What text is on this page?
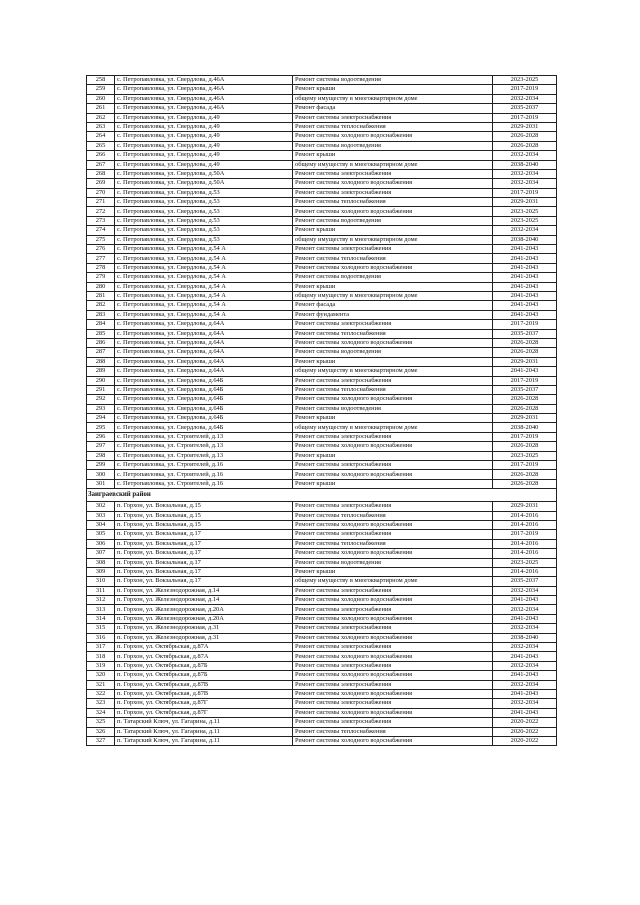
258	с. Петропавловка, ул. Свердлова, д.46А	Ремонт системы водоотведения	2023-2025
259	с. Петропавловка, ул. Свердлова, д.46А	Ремонт крыши	2017-2019
260	с. Петропавловка, ул. Свердлова, д.46А	общему имуществу в многоквартирном доме	2032-2034
261	с. Петропавловка, ул. Свердлова, д.46А	Ремонт фасада	2035-2037
262	с. Петропавловка, ул. Свердлова, д.49	Ремонт системы электроснабжения	2017-2019
263	с. Петропавловка, ул. Свердлова, д.49	Ремонт системы теплоснабжения	2029-2031
264	с. Петропавловка, ул. Свердлова, д.49	Ремонт системы холодного водоснабжения	2026-2028
265	с. Петропавловка, ул. Свердлова, д.49	Ремонт системы водоотведения	2026-2028
266	с. Петропавловка, ул. Свердлова, д.49	Ремонт крыши	2032-2034
267	с. Петропавловка, ул. Свердлова, д.49	общему имуществу в многоквартирном доме	2038-2040
268	с. Петропавловка, ул. Свердлова, д.50А	Ремонт системы электроснабжения	2032-2034
269	с. Петропавловка, ул. Свердлова, д.50А	Ремонт системы холодного водоснабжения	2032-2034
270	с. Петропавловка, ул. Свердлова, д.53	Ремонт системы электроснабжения	2017-2019
271	с. Петропавловка, ул. Свердлова, д.53	Ремонт системы теплоснабжения	2029-2031
272	с. Петропавловка, ул. Свердлова, д.53	Ремонт системы холодного водоснабжения	2023-2025
273	с. Петропавловка, ул. Свердлова, д.53	Ремонт системы водоотведения	2023-2025
274	с. Петропавловка, ул. Свердлова, д.53	Ремонт крыши	2032-2034
275	с. Петропавловка, ул. Свердлова, д.53	общему имуществу в многоквартирном доме	2038-2040
276	с. Петропавловка, ул. Свердлова, д.54 А	Ремонт системы электроснабжения	2041-2043
277	с. Петропавловка, ул. Свердлова, д.54 А	Ремонт системы теплоснабжения	2041-2043
278	с. Петропавловка, ул. Свердлова, д.54 А	Ремонт системы холодного водоснабжения	2041-2043
279	с. Петропавловка, ул. Свердлова, д.54 А	Ремонт системы водоотведения	2041-2043
280	с. Петропавловка, ул. Свердлова, д.54 А	Ремонт крыши	2041-2043
281	с. Петропавловка, ул. Свердлова, д.54 А	общему имуществу в многоквартирном доме	2041-2043
282	с. Петропавловка, ул. Свердлова, д.54 А	Ремонт фасада	2041-2043
283	с. Петропавловка, ул. Свердлова, д.54 А	Ремонт фундамента	2041-2043
284	с. Петропавловка, ул. Свердлова, д.64А	Ремонт системы электроснабжения	2017-2019
285	с. Петропавловка, ул. Свердлова, д.64А	Ремонт системы теплоснабжения	2035-2037
286	с. Петропавловка, ул. Свердлова, д.64А	Ремонт системы холодного водоснабжения	2026-2028
287	с. Петропавловка, ул. Свердлова, д.64А	Ремонт системы водоотведения	2026-2028
288	с. Петропавловка, ул. Свердлова, д.64А	Ремонт крыши	2029-2031
289	с. Петропавловка, ул. Свердлова, д.64А	общему имуществу в многоквартирном доме	2041-2043
290	с. Петропавловка, ул. Свердлова, д.64Б	Ремонт системы электроснабжения	2017-2019
291	с. Петропавловка, ул. Свердлова, д.64Б	Ремонт системы теплоснабжения	2035-2037
292	с. Петропавловка, ул. Свердлова, д.64Б	Ремонт системы холодного водоснабжения	2026-2028
293	с. Петропавловка, ул. Свердлова, д.64Б	Ремонт системы водоотведения	2026-2028
294	с. Петропавловка, ул. Свердлова, д.64Б	Ремонт крыши	2029-2031
295	с. Петропавловка, ул. Свердлова, д.64Б	общему имуществу в многоквартирном доме	2038-2040
296	с. Петропавловка, ул. Строителей, д.13	Ремонт системы электроснабжения	2017-2019
297	с. Петропавловка, ул. Строителей, д.13	Ремонт системы холодного водоснабжения	2026-2028
298	с. Петропавловка, ул. Строителей, д.13	Ремонт крыши	2023-2025
299	с. Петропавловка, ул. Строителей, д.16	Ремонт системы электроснабжения	2017-2019
300	с. Петропавловка, ул. Строителей, д.16	Ремонт системы холодного водоснабжения	2026-2028
301	с. Петропавловка, ул. Строителей, д.16	Ремонт крыши	2026-2028
Заиграевский район			
302	п. Горхон, ул. Вокзальная, д.15	Ремонт системы электроснабжения	2029-2031
303	п. Горхон, ул. Вокзальная, д.15	Ремонт системы теплоснабжения	2014-2016
304	п. Горхон, ул. Вокзальная, д.15	Ремонт системы холодного водоснабжения	2014-2016
305	п. Горхон, ул. Вокзальная, д.17	Ремонт системы электроснабжения	2017-2019
306	п. Горхон, ул. Вокзальная, д.17	Ремонт системы теплоснабжения	2014-2016
307	п. Горхон, ул. Вокзальная, д.17	Ремонт системы холодного водоснабжения	2014-2016
308	п. Горхон, ул. Вокзальная, д.17	Ремонт системы водоотведения	2023-2025
309	п. Горхон, ул. Вокзальная, д.17	Ремонт крыши	2014-2016
310	п. Горхон, ул. Вокзальная, д.17	общему имуществу в многоквартирном доме	2035-2037
311	п. Горхон, ул. Железнодорожная, д.14	Ремонт системы электроснабжения	2032-2034
312	п. Горхон, ул. Железнодорожная, д.14	Ремонт системы холодного водоснабжения	2041-2043
313	п. Горхон, ул. Железнодорожная, д.20А	Ремонт системы электроснабжения	2032-2034
314	п. Горхон, ул. Железнодорожная, д.20А	Ремонт системы холодного водоснабжения	2041-2043
315	п. Горхон, ул. Железнодорожная, д.31	Ремонт системы электроснабжения	2032-2034
316	п. Горхон, ул. Железнодорожная, д.31	Ремонт системы холодного водоснабжения	2038-2040
317	п. Горхон, ул. Октябрьская, д.87А	Ремонт системы электроснабжения	2032-2034
318	п. Горхон, ул. Октябрьская, д.87А	Ремонт системы холодного водоснабжения	2041-2043
319	п. Горхон, ул. Октябрьская, д.87Б	Ремонт системы электроснабжения	2032-2034
320	п. Горхон, ул. Октябрьская, д.87Б	Ремонт системы холодного водоснабжения	2041-2043
321	п. Горхон, ул. Октябрьская, д.87В	Ремонт системы электроснабжения	2032-2034
322	п. Горхон, ул. Октябрьская, д.87В	Ремонт системы холодного водоснабжения	2041-2043
323	п. Горхон, ул. Октябрьская, д.87Г	Ремонт системы электроснабжения	2032-2034
324	п. Горхон, ул. Октябрьская, д.87Г	Ремонт системы холодного водоснабжения	2041-2043
325	п. Татарский Ключ, ул. Гагарина, д.11	Ремонт системы электроснабжения	2020-2022
326	п. Татарский Ключ, ул. Гагарина, д.11	Ремонт системы теплоснабжения	2020-2022
327	п. Татарский Ключ, ул. Гагарина, д.11	Ремонт системы холодного водоснабжения	2020-2022
